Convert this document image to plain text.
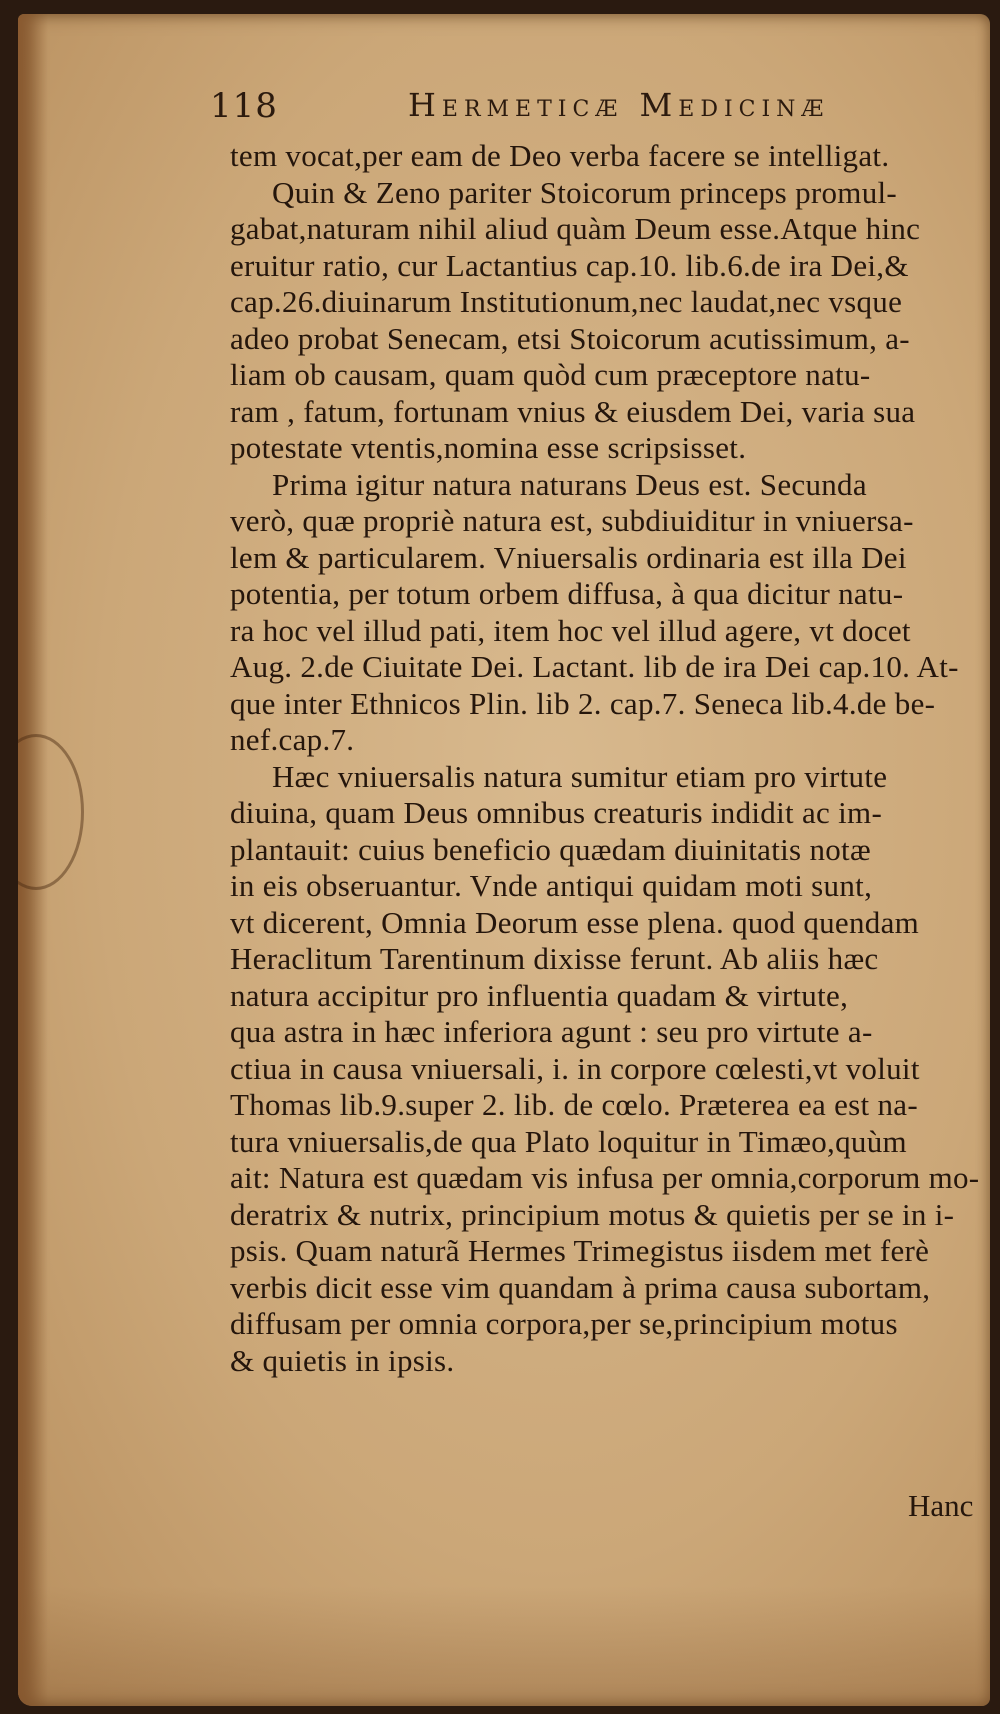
118	Hermeticæ Medicinæ
tem vocat,per eam de Deo verba facere se intelligat.
Quin & Zeno pariter Stoicorum princeps promul-
gabat,naturam nihil aliud quàm Deum esse.Atque hinc
eruitur ratio, cur Lactantius cap.10. lib.6.de ira Dei,&
cap.26.diuinarum Institutionum,nec laudat,nec vsque
adeo probat Senecam, etsi Stoicorum acutissimum, a-
liam ob causam, quam quòd cum præceptore natu-
ram , fatum, fortunam vnius & eiusdem Dei, varia sua
potestate vtentis,nomina esse scripsisset.
Prima igitur natura naturans Deus est. Secunda
verò, quæ propriè natura est, subdiuiditur in vniuersa-
lem & particularem. Vniuersalis ordinaria est illa Dei
potentia, per totum orbem diffusa, à qua dicitur natu-
ra hoc vel illud pati, item hoc vel illud agere, vt docet
Aug. 2.de Ciuitate Dei. Lactant. lib de ira Dei cap.10. At-
que inter Ethnicos Plin. lib 2. cap.7. Seneca lib.4.de be-
nef.cap.7.
Hæc vniuersalis natura sumitur etiam pro virtute
diuina, quam Deus omnibus creaturis indidit ac im-
plantauit: cuius beneficio quædam diuinitatis notæ
in eis obseruantur. Vnde antiqui quidam moti sunt,
vt dicerent, Omnia Deorum esse plena. quod quendam
Heraclitum Tarentinum dixisse ferunt. Ab aliis hæc
natura accipitur pro influentia quadam & virtute,
qua astra in hæc inferiora agunt : seu pro virtute a-
ctiua in causa vniuersali, i. in corpore cœlesti,vt voluit
Thomas lib.9.super 2. lib. de cœlo. Præterea ea est na-
tura vniuersalis,de qua Plato loquitur in Timæo,quùm
ait: Natura est quædam vis infusa per omnia,corporum mo-
deratrix & nutrix, principium motus & quietis per se in i-
psis. Quam naturã Hermes Trimegistus iisdem met ferè
verbis dicit esse vim quandam à prima causa subortam,
diffusam per omnia corpora,per se,principium motus
& quietis in ipsis.
Hanc
